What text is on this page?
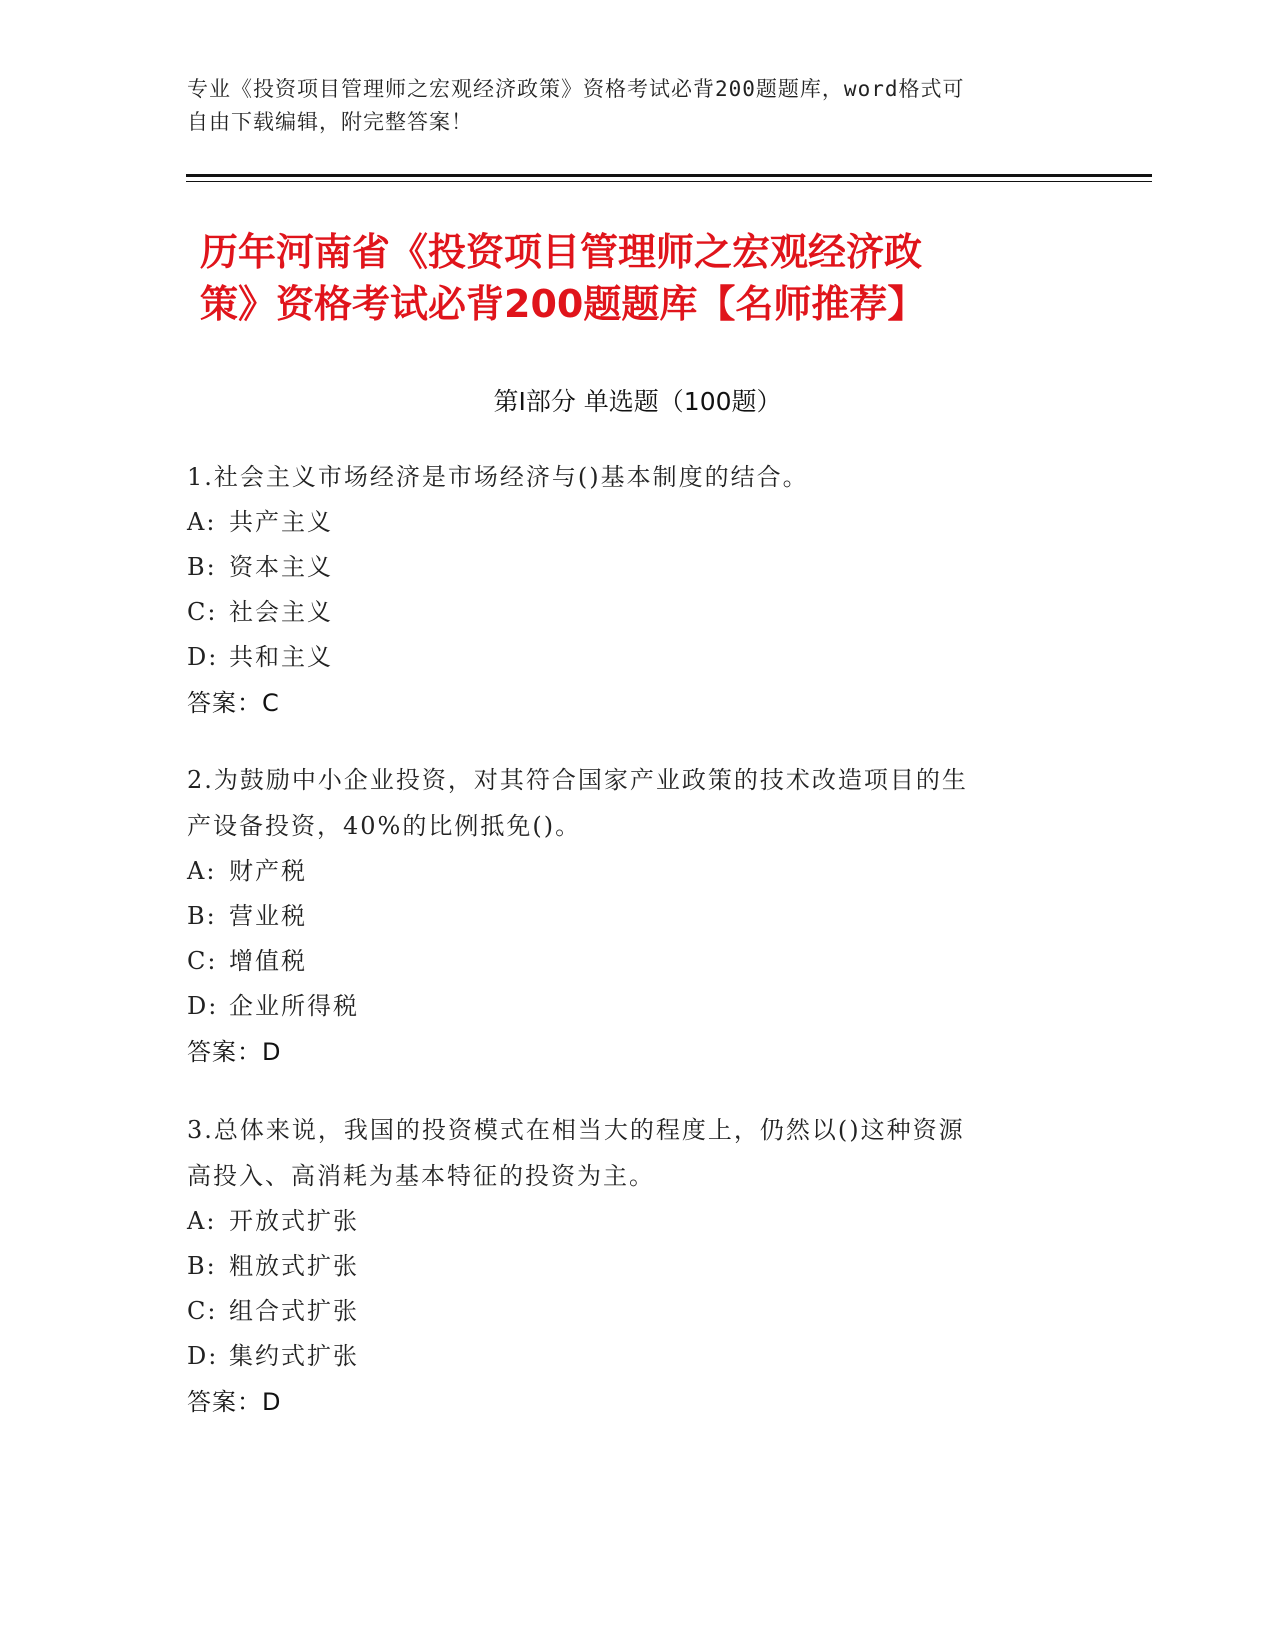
专业《投资项目管理师之宏观经济政策》资格考试必背200题题库，word格式可
自由下载编辑，附完整答案！
历年河南省《投资项目管理师之宏观经济政
策》资格考试必背200题题库【名师推荐】
第Ⅰ部分 单选题（100题）
1.社会主义市场经济是市场经济与()基本制度的结合。
A: 共产主义
B: 资本主义
C: 社会主义
D: 共和主义
答案：C
2.为鼓励中小企业投资，对其符合国家产业政策的技术改造项目的生
产设备投资，40%的比例抵免()。
A: 财产税
B: 营业税
C: 增值税
D: 企业所得税
答案：D
3.总体来说，我国的投资模式在相当大的程度上，仍然以()这种资源
高投入、高消耗为基本特征的投资为主。
A: 开放式扩张
B: 粗放式扩张
C: 组合式扩张
D: 集约式扩张
答案：D
